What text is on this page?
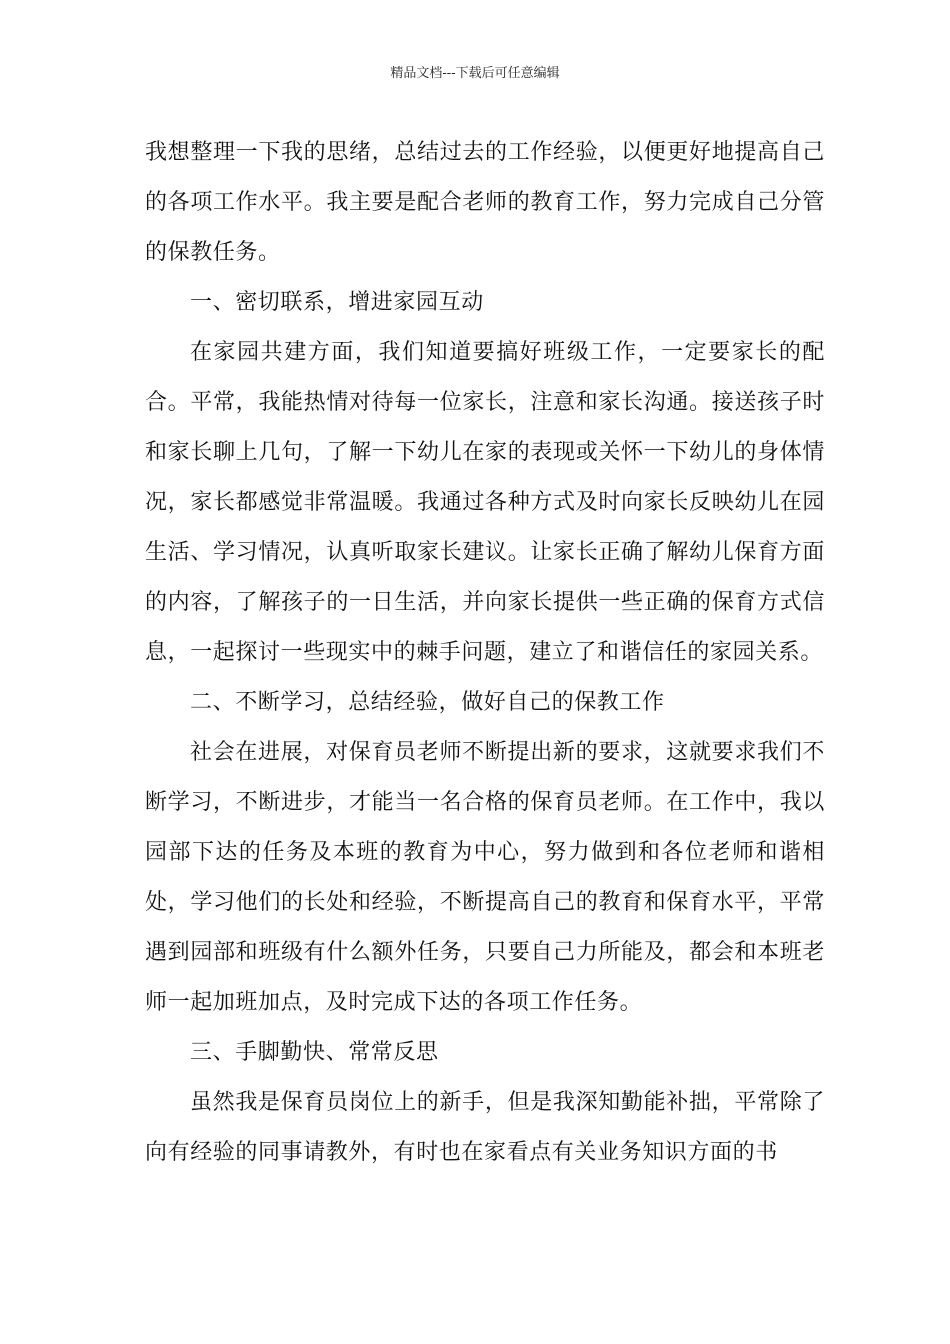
精品文档---下载后可任意编辑

我想整理一下我的思绪，总结过去的工作经验，以便更好地提高自己的各项工作水平。我主要是配合老师的教育工作，努力完成自己分管的保教任务。

一、密切联系，增进家园互动

在家园共建方面，我们知道要搞好班级工作，一定要家长的配合。平常，我能热情对待每一位家长，注意和家长沟通。接送孩子时和家长聊上几句，了解一下幼儿在家的表现或关怀一下幼儿的身体情况，家长都感觉非常温暖。我通过各种方式及时向家长反映幼儿在园生活、学习情况，认真听取家长建议。让家长正确了解幼儿保育方面的内容，了解孩子的一日生活，并向家长提供一些正确的保育方式信息，一起探讨一些现实中的棘手问题，建立了和谐信任的家园关系。

二、不断学习，总结经验，做好自己的保教工作

社会在进展，对保育员老师不断提出新的要求，这就要求我们不断学习，不断进步，才能当一名合格的保育员老师。在工作中，我以园部下达的任务及本班的教育为中心，努力做到和各位老师和谐相处，学习他们的长处和经验，不断提高自己的教育和保育水平，平常遇到园部和班级有什么额外任务，只要自己力所能及，都会和本班老师一起加班加点，及时完成下达的各项工作任务。

三、手脚勤快、常常反思

虽然我是保育员岗位上的新手，但是我深知勤能补拙，平常除了向有经验的同事请教外，有时也在家看点有关业务知识方面的书
